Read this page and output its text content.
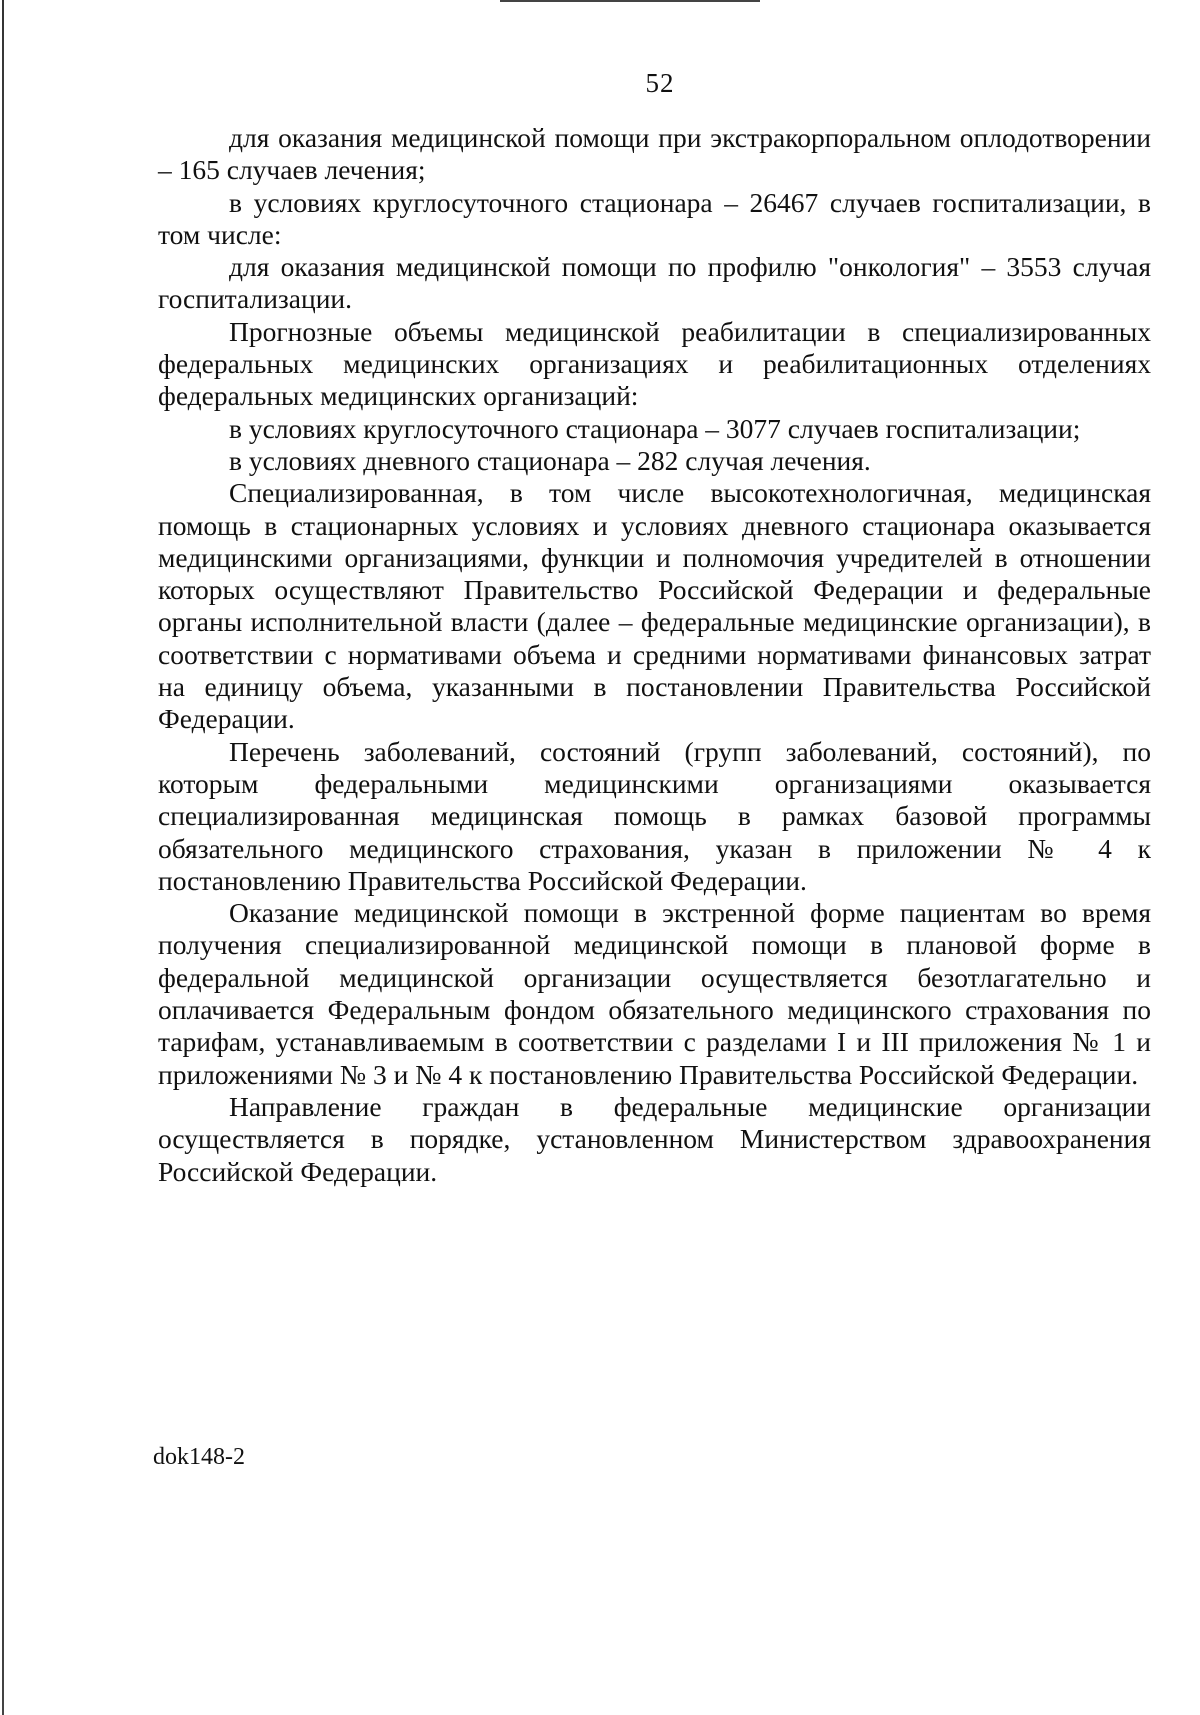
52

для оказания медицинской помощи при экстракорпоральном оплодотворении – 165 случаев лечения;

в условиях круглосуточного стационара – 26467 случаев госпитализации, в том числе:

для оказания медицинской помощи по профилю "онкология" – 3553 случая госпитализации.

Прогнозные объемы медицинской реабилитации в специализированных федеральных медицинских организациях и реабилитационных отделениях федеральных медицинских организаций:

в условиях круглосуточного стационара – 3077 случаев госпитализации;

в условиях дневного стационара – 282 случая лечения.

Специализированная, в том числе высокотехнологичная, медицинская помощь в стационарных условиях и условиях дневного стационара оказывается медицинскими организациями, функции и полномочия учредителей в отношении которых осуществляют Правительство Российской Федерации и федеральные органы исполнительной власти (далее – федеральные медицинские организации), в соответствии с нормативами объема и средними нормативами финансовых затрат на единицу объема, указанными в постановлении Правительства Российской Федерации.

Перечень заболеваний, состояний (групп заболеваний, состояний), по которым федеральными медицинскими организациями оказывается специализированная медицинская помощь в рамках базовой программы обязательного медицинского страхования, указан в приложении № 4 к постановлению Правительства Российской Федерации.

Оказание медицинской помощи в экстренной форме пациентам во время получения специализированной медицинской помощи в плановой форме в федеральной медицинской организации осуществляется безотлагательно и оплачивается Федеральным фондом обязательного медицинского страхования по тарифам, устанавливаемым в соответствии с разделами I и III приложения № 1 и приложениями № 3 и № 4 к постановлению Правительства Российской Федерации.

Направление граждан в федеральные медицинские организации осуществляется в порядке, установленном Министерством здравоохранения Российской Федерации.

dok148-2
